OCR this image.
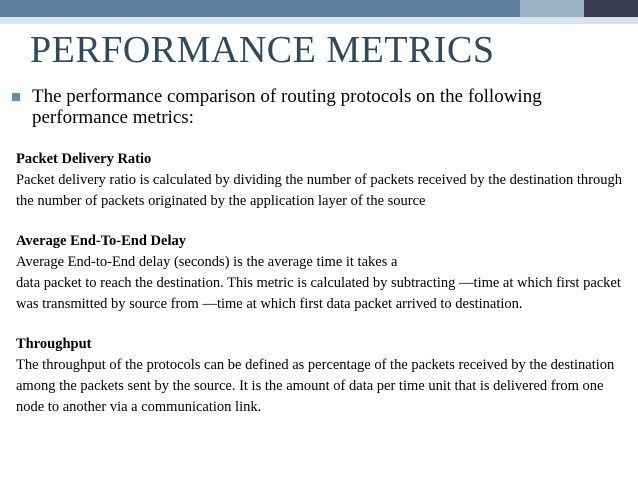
PERFORMANCE METRICS
The performance comparison of routing protocols on the following performance metrics:
Packet Delivery Ratio
Packet delivery ratio is calculated by dividing the number of packets received by the destination through the number of packets originated by the application layer of the source
Average End-To-End Delay
Average End-to-End delay (seconds) is the average time it takes a
data packet to reach the destination. This metric is calculated by subtracting ―time at which first packet was transmitted by source from ―time at which first data packet arrived to destination.
Throughput
The throughput of the protocols can be defined as percentage of the packets received by the destination among the packets sent by the source. It is the amount of data per time unit that is delivered from one node to another via a communication link.
